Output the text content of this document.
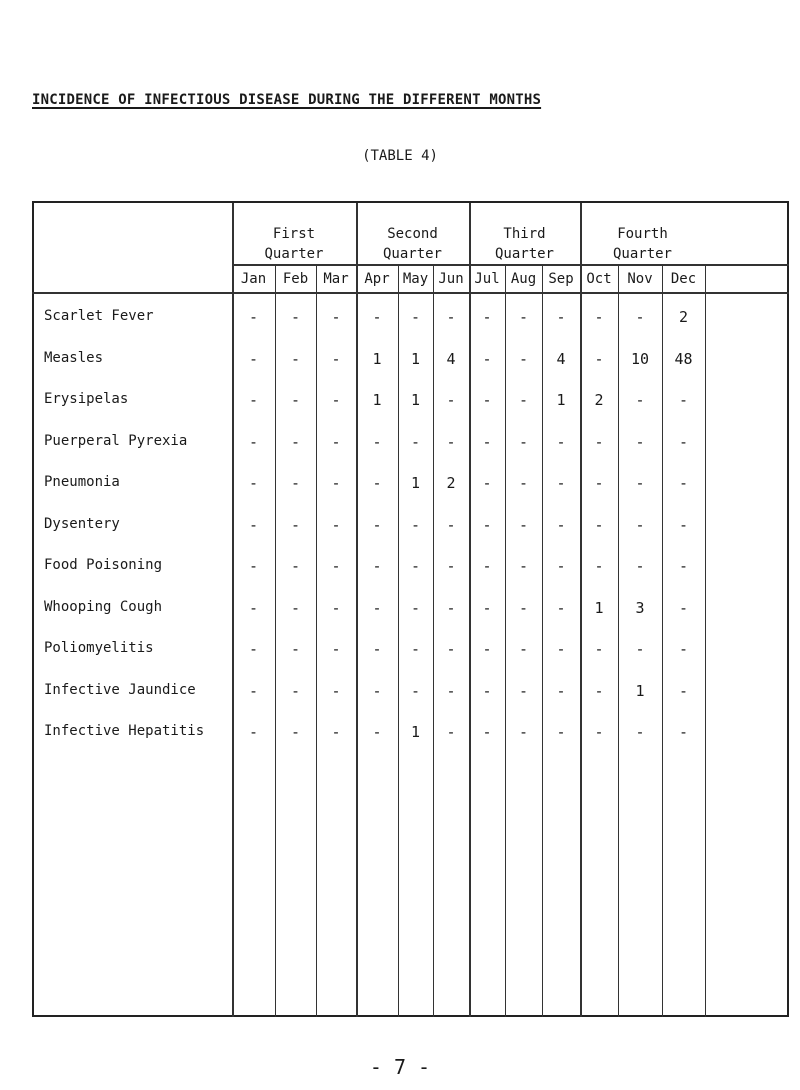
INCIDENCE OF INFECTIOUS DISEASE DURING THE DIFFERENT MONTHS
(TABLE 4)
First
Quarter
Second
Quarter
Third
Quarter
Fourth
Quarter
Jan	Feb	Mar	Apr May Jun Jul Aug Sep Oct	Nov	Dec
Scarlet Fever	-	-	-	-	-	-	-	-	-	-	-	2
Measles	-	-	-	1	1	4	-	-	4	-	10	48
Erysipelas	-	-	-	1	1	-	-	-	1	2	-	-
Puerperal Pyrexia	-	-	-	-	-	-	-	-	-	-	-	-
Pneumonia	-	-	-	-	1	2	-	-	-	-	-	-
Dysentery	-	-	-	-	-	-	-	-	-	-	-	-
Food Poisoning	-	-	-	-	-	-	-	-	-	-	-	-
Whooping Cough	-	-	-	-	-	-	-	-	-	1	3	-
Poliomyelitis	-	-	-	-	-	-	-	-	-	-	-	-
Infective Jaundice	-	-	-	-	-	-	-	-	-	-	1	-
Infective Hepatitis	-	-	-	-	1	-	-	-	-	-	-	-
- 7 -
